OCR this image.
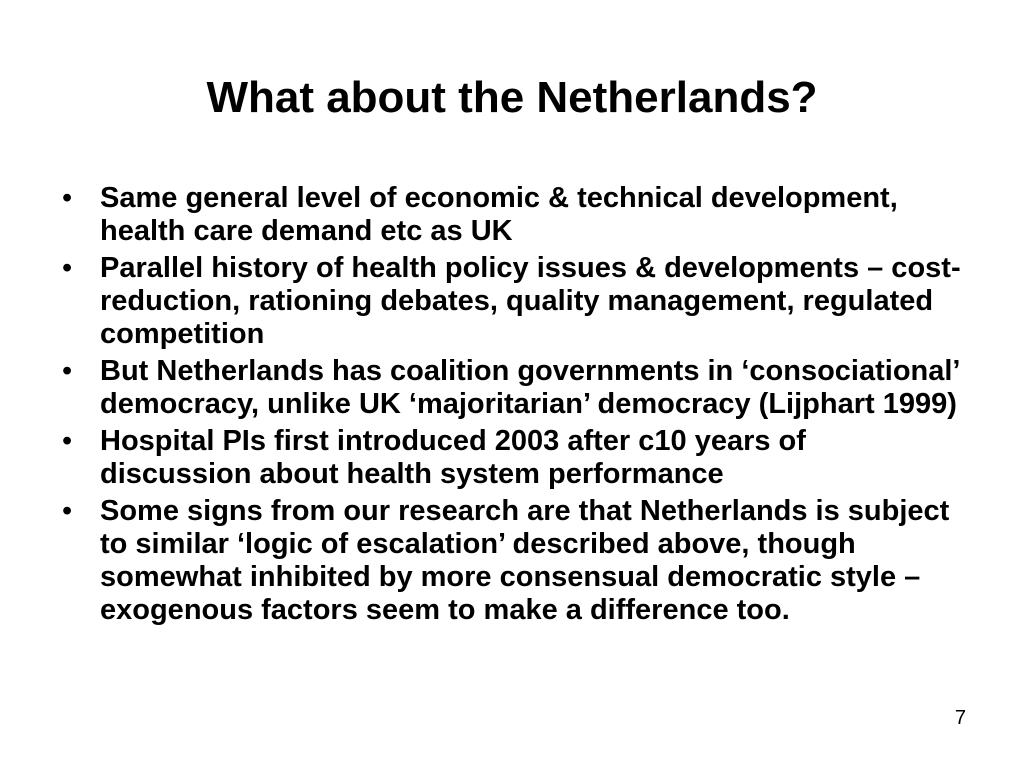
What about the Netherlands?
• Same general level of economic & technical development, health care demand etc as UK
• Parallel history of health policy issues & developments – cost-reduction, rationing debates, quality management, regulated competition
• But Netherlands has coalition governments in ‘consociational’ democracy, unlike UK ‘majoritarian’ democracy (Lijphart 1999)
• Hospital PIs first introduced 2003 after c10 years of discussion about health system performance
• Some signs from our research are that Netherlands is subject to similar ‘logic of escalation’ described above, though somewhat inhibited by more consensual democratic style – exogenous factors seem to make a difference too.
7
